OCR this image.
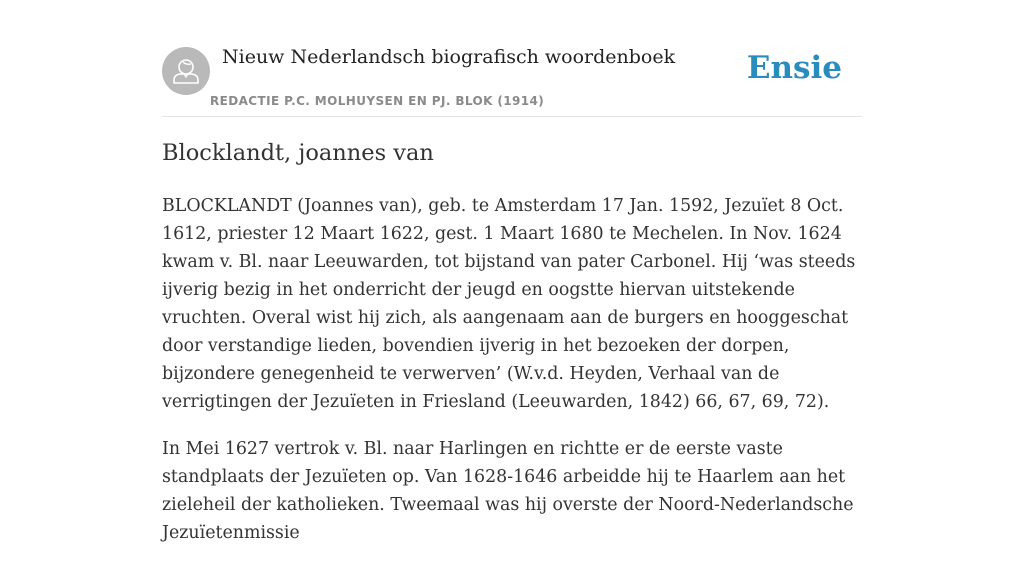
Nieuw Nederlandsch biografisch woordenboek
REDACTIE P.C. MOLHUYSEN EN PJ. BLOK (1914)
Ensie
Blocklandt, joannes van

BLOCKLANDT (Joannes van), geb. te Amsterdam 17 Jan. 1592, Jezuïet 8 Oct. 1612, priester 12 Maart 1622, gest. 1 Maart 1680 te Mechelen. In Nov. 1624 kwam v. Bl. naar Leeuwarden, tot bijstand van pater Carbonel. Hij ‘was steeds ijverig bezig in het onderricht der jeugd en oogstte hiervan uitstekende vruchten. Overal wist hij zich, als aangenaam aan de burgers en hooggeschat door verstandige lieden, bovendien ijverig in het bezoeken der dorpen, bijzondere genegenheid te verwerven’ (W.v.d. Heyden, Verhaal van de verrigtingen der Jezuïeten in Friesland (Leeuwarden, 1842) 66, 67, 69, 72).

In Mei 1627 vertrok v. Bl. naar Harlingen en richtte er de eerste vaste standplaats der Jezuïeten op. Van 1628-1646 arbeidde hij te Haarlem aan het zieleheil der katholieken. Tweemaal was hij overste der Noord-Nederlandsche Jezuïetenmissie
